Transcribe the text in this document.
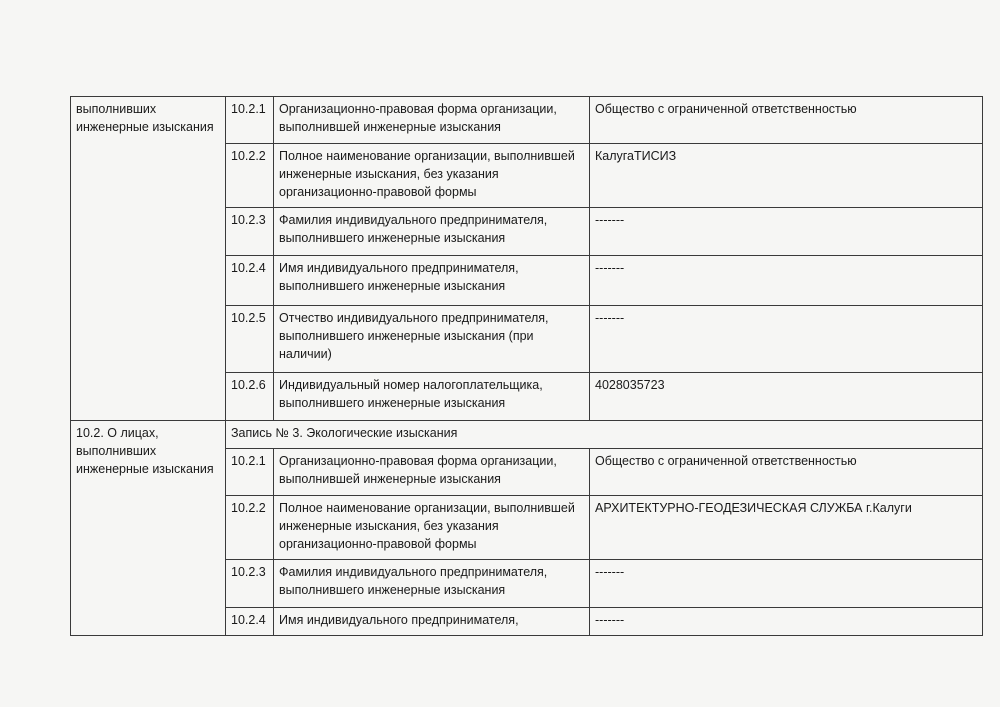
выполнивших инженерные изыскания	10.2.1	Организационно-правовая форма организации, выполнившей инженерные изыскания	Общество с ограниченной ответственностью
	10.2.2	Полное наименование организации, выполнившей инженерные изыскания, без указания организационно-правовой формы	КалугаТИСИЗ
	10.2.3	Фамилия индивидуального предпринимателя, выполнившего инженерные изыскания	-------
	10.2.4	Имя индивидуального предпринимателя, выполнившего инженерные изыскания	-------
	10.2.5	Отчество индивидуального предпринимателя, выполнившего инженерные изыскания (при наличии)	-------
	10.2.6	Индивидуальный номер налогоплательщика, выполнившего инженерные изыскания	4028035723
10.2. О лицах, выполнивших инженерные изыскания	Запись № 3. Экологические изыскания		
	10.2.1	Организационно-правовая форма организации, выполнившей инженерные изыскания	Общество с ограниченной ответственностью
	10.2.2	Полное наименование организации, выполнившей инженерные изыскания, без указания организационно-правовой формы	АРХИТЕКТУРНО-ГЕОДЕЗИЧЕСКАЯ СЛУЖБА г.Калуги
	10.2.3	Фамилия индивидуального предпринимателя, выполнившего инженерные изыскания	-------
	10.2.4	Имя индивидуального предпринимателя,	-------
